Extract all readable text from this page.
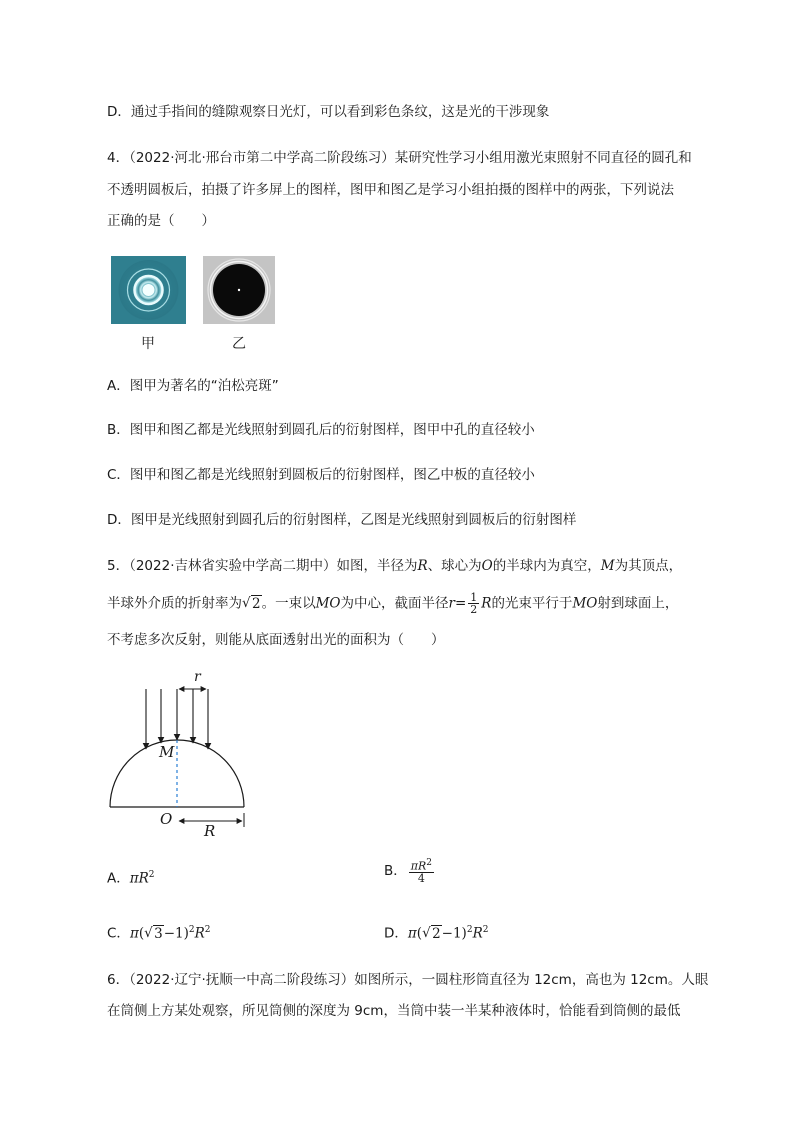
D．通过手指间的缝隙观察日光灯，可以看到彩色条纹，这是光的干涉现象
4．（2022·河北·邢台市第二中学高二阶段练习）某研究性学习小组用激光束照射不同直径的圆孔和
不透明圆板后，拍摄了许多屏上的图样，图甲和图乙是学习小组拍摄的图样中的两张，下列说法
正确的是（　　）
甲	乙
A．图甲为著名的“泊松亮斑”
B．图甲和图乙都是光线照射到圆孔后的衍射图样，图甲中孔的直径较小
C．图甲和图乙都是光线照射到圆板后的衍射图样，图乙中板的直径较小
D．图甲是光线照射到圆孔后的衍射图样，乙图是光线照射到圆板后的衍射图样
5．（2022·吉林省实验中学高二期中）如图，半径为R、球心为O的半球内为真空，M为其顶点，
半球外介质的折射率为 √ 2。一束以MO为中心，截面半径$r= \frac{1}{2}$ R的光束平行于MO射到球面上，
不考虑多次反射，则能从底面透射出光的面积为（　　）
r
M
O
R
A．$\pi R^2$	B． $\frac{\pi R^2}{4}$
C．π( √ $3-1)^2R^2$	D．π( √ $2-1)^2R^2$
6．（2022·辽宁·抚顺一中高二阶段练习）如图所示，一圆柱形筒直径为 12cm，高也为 12cm。人眼
在筒侧上方某处观察，所见筒侧的深度为 9cm，当筒中装一半某种液体时，恰能看到筒侧的最低
